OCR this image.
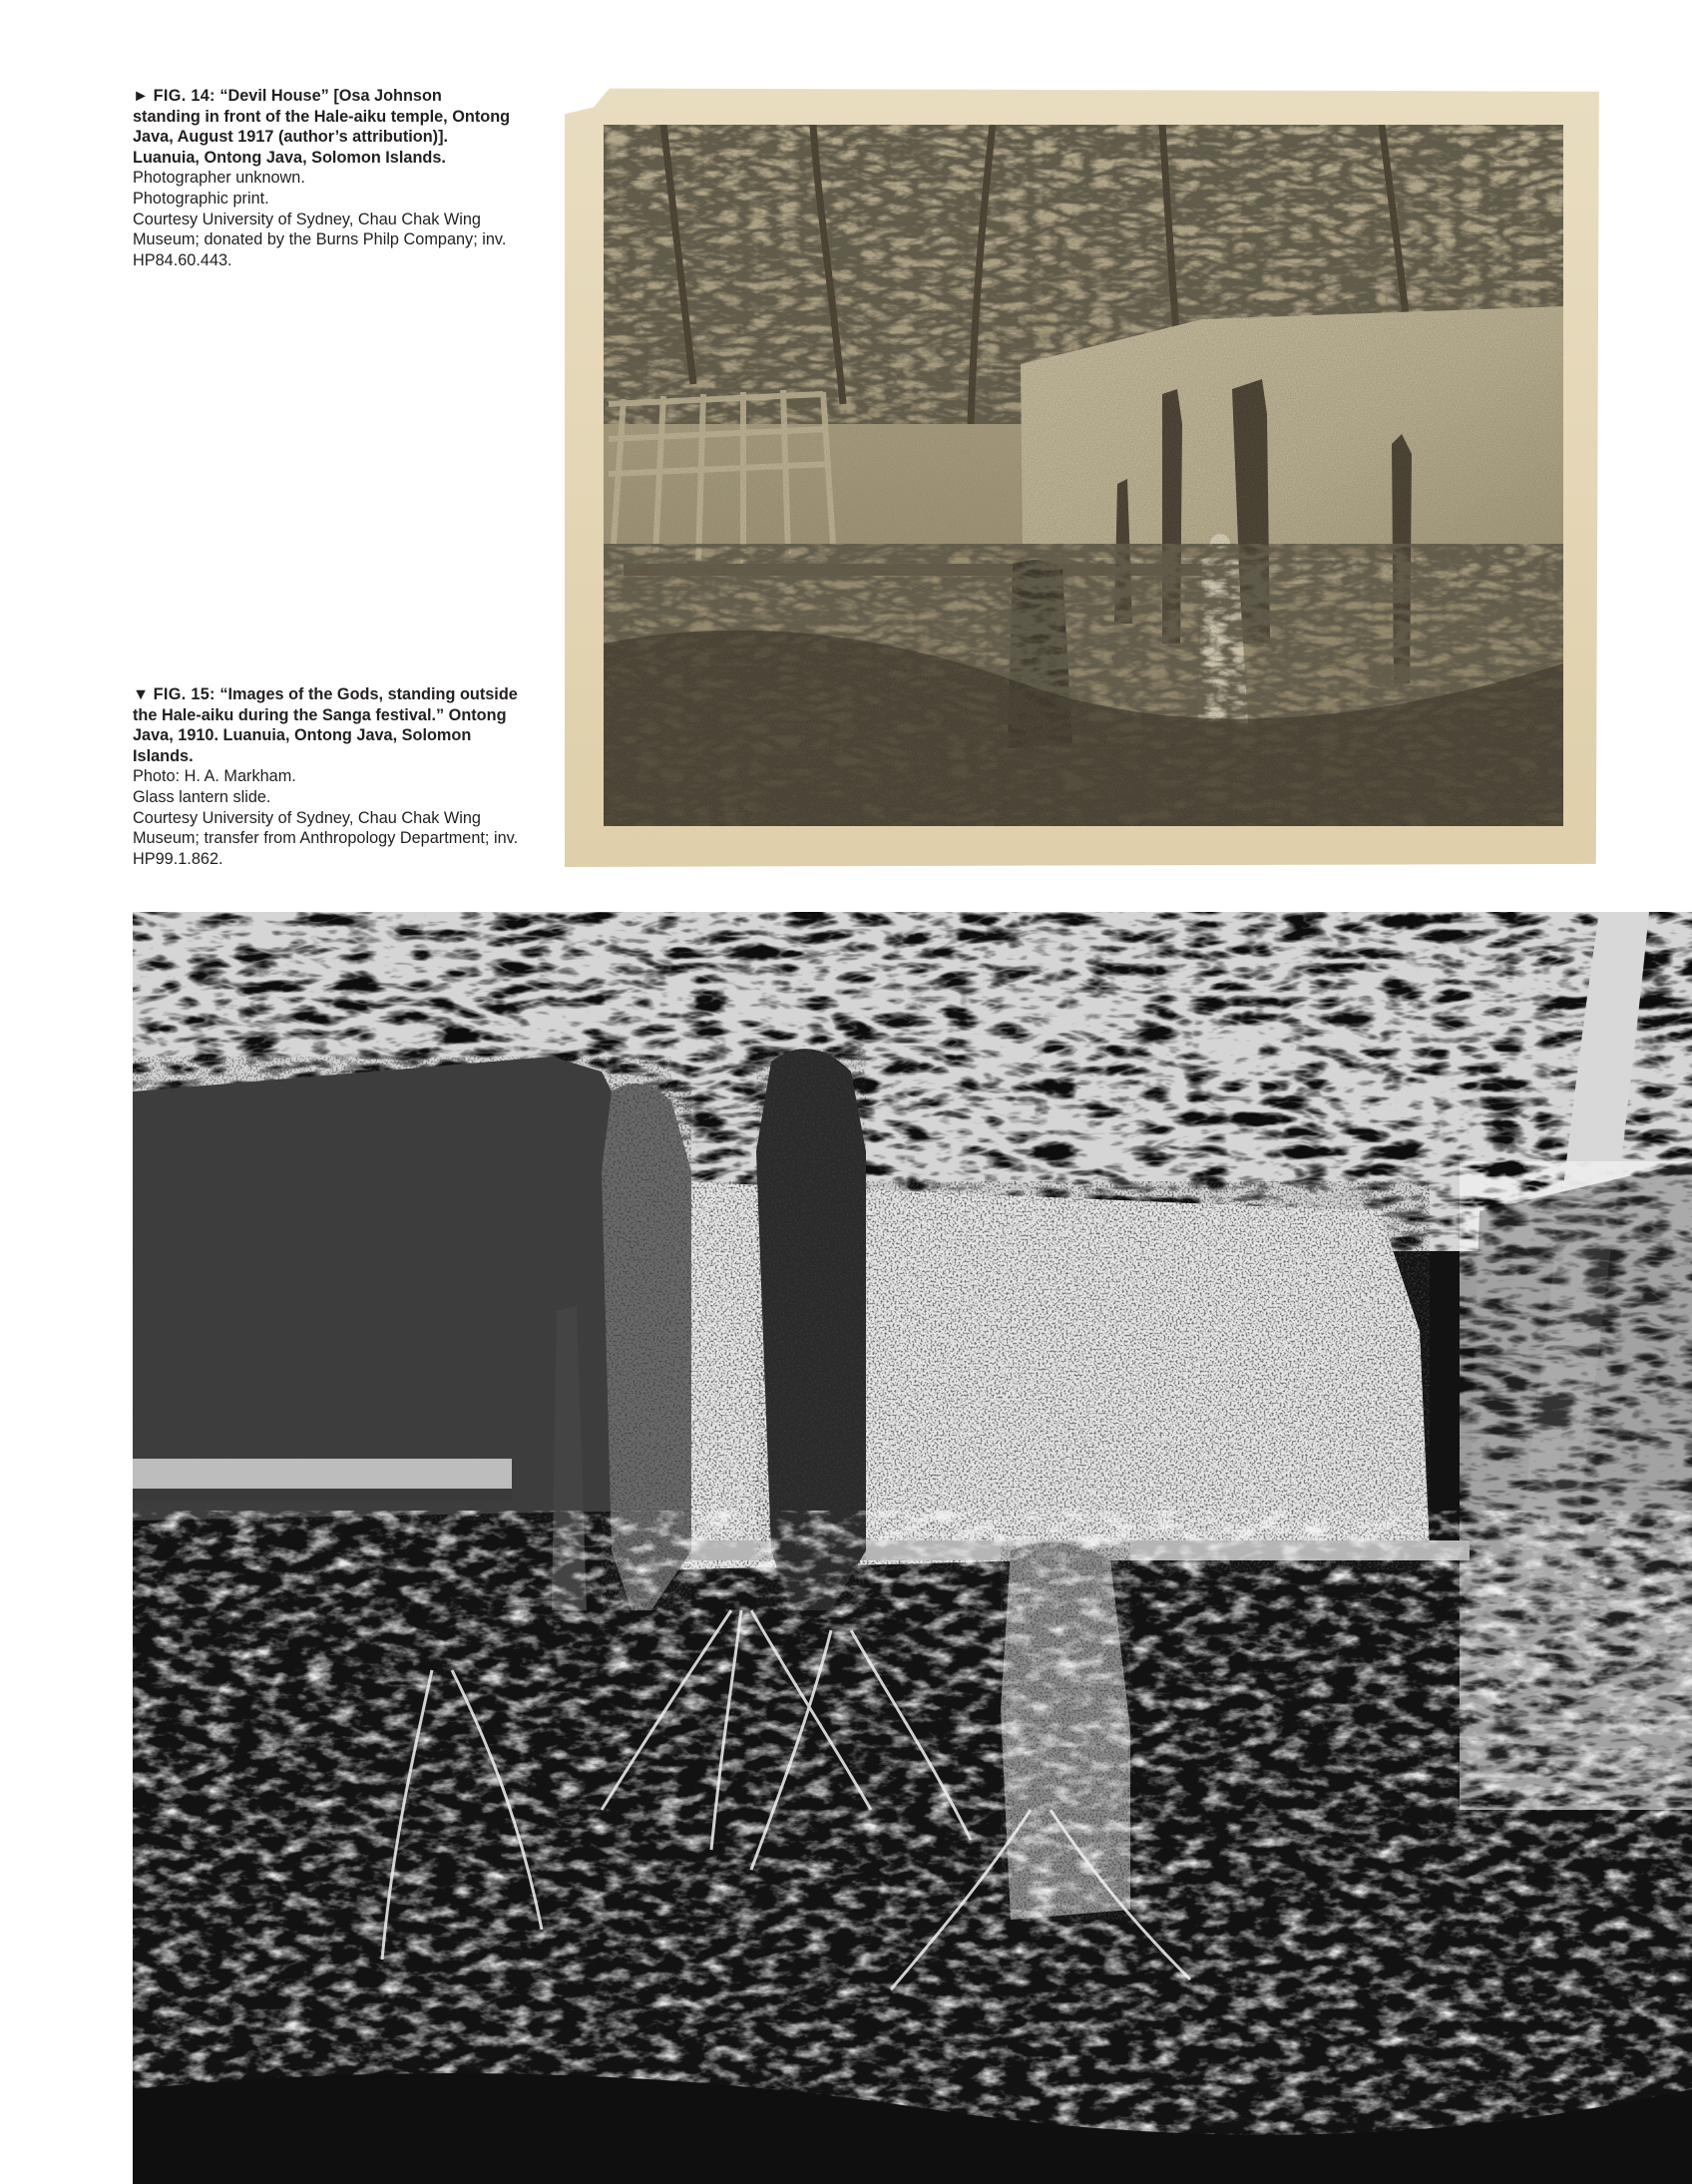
► FIG. 14: “Devil House” [Osa Johnson standing in front of the Hale-aiku temple, Ontong Java, August 1917 (author’s attribution)]. Luanuia, Ontong Java, Solomon Islands.
Photographer unknown.
Photographic print.
Courtesy University of Sydney, Chau Chak Wing Museum; donated by the Burns Philp Company; inv. HP84.60.443.
▼ FIG. 15: “Images of the Gods, standing outside the Hale-aiku during the Sanga festival.” Ontong Java, 1910. Luanuia, Ontong Java, Solomon Islands.
Photo: H. A. Markham.
Glass lantern slide.
Courtesy University of Sydney, Chau Chak Wing Museum; transfer from Anthropology Department; inv. HP99.1.862.
